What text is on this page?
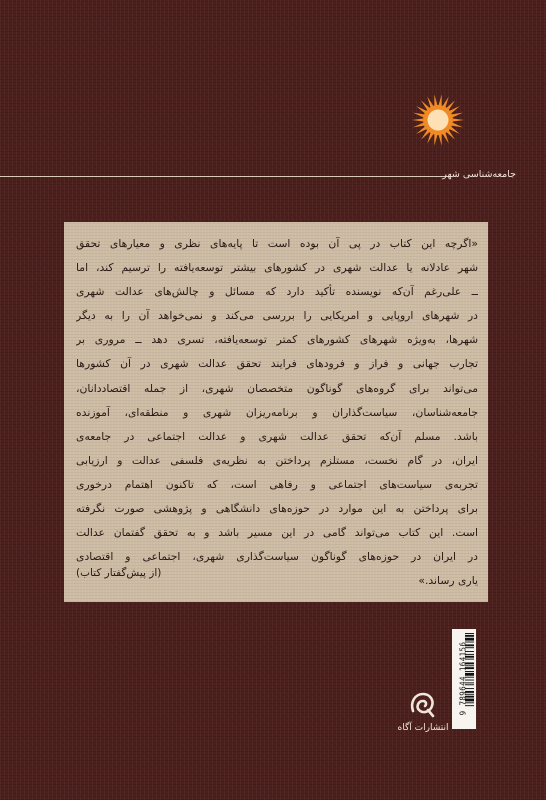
جامعه‌شناسی شهر

«اگرچه این کتاب در پی آن بوده است تا پایه‌های نظری و معیارهای تحقق
شهر عادلانه یا عدالت شهری در کشورهای بیشتر توسعه‌یافته را ترسیم کند، اما
ــ علی‌رغم آن‌که نویسنده تأکید دارد که مسائل و چالش‌های عدالت شهری
در شهرهای اروپایی و امریکایی را بررسی می‌کند و نمی‌خواهد آن را به دیگر
شهرها، به‌ویژه شهرهای کشورهای کمتر توسعه‌یافته، تسری دهد ــ مروری بر
تجارب جهانی و فراز و فرودهای فرایند تحقق عدالت شهری در آن کشورها
می‌تواند برای گروه‌های گوناگون متخصصان شهری، از جمله اقتصاددانان،
جامعه‌شناسان، سیاست‌گذاران و برنامه‌ریزان شهری و منطقه‌ای، آموزنده
باشد. مسلم آن‌که تحقق عدالت شهری و عدالت اجتماعی در جامعه‌ی
ایران، در گام نخست، مستلزم پرداختن به نظریه‌ی فلسفی عدالت و ارزیابی
تجربه‌ی سیاست‌های اجتماعی و رفاهی است، که تاکنون اهتمام درخوری
برای پرداختن به این موارد در حوزه‌های دانشگاهی و پژوهشی صورت نگرفته
است. این کتاب می‌تواند گامی در این مسیر باشد و به تحقق گفتمان عدالت
در ایران در حوزه‌های گوناگون سیاست‌گذاری شهری، اجتماعی و اقتصادی
یاری رساند.»

(از پیش‌گفتار کتاب)
9 789644 164156
انتشارات آگاه
